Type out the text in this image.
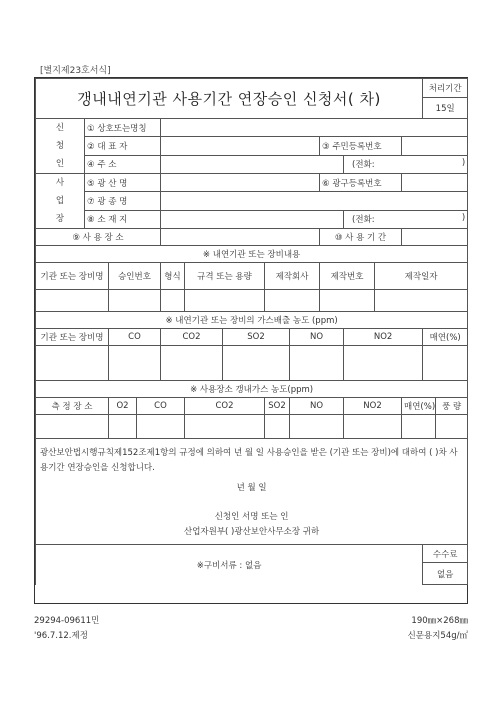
[별지제23호서식]
갱내내연기관 사용기간 연장승인 신청서( 차)													처리기간	
													15일	
신
청
인	① 상호또는명칭													
	② 대 표 자								③ 주민등록번호					
	④ 주 소									(전화: )				

사
업
장	⑤ 광 산 명								⑥ 광구등록번호					
	⑦ 광 종 명													
	⑧ 소 재 지									(전화: )				

⑨ 사 용 장 소									⑩ 사 용 기 간					
※ 내연기관 또는 장비내용														
기관 또는 장비명		승인번호		형식	규격 또는 용량		제작회사		제작번호		제작일자			

※ 내연기관 또는 장비의 가스배출 농도 (ppm)														
기관 또는 장비명		CO		CO2		SO2		NO		NO2			매연(%)	

※ 사용장소 갱내가스 농도(ppm)														
측 정 장 소		O2	CO		CO2		SO2	NO		NO2		매연(%)		풍 량

광산보안법시행규칙제152조제1항의 규정에 의하여 년 월 일 사용승인을 받은 (기관 또는 장비)에 대하여 ( )차 사용기간 연장승인을 신청합니다.
년 월 일
신청인 서명 또는 인
산업자원부( )광산보안사무소장 귀하														

※구비서류 : 없음													수수료	
													없음	
29294-09611민	190㎜×268㎜
'96.7.12.제정	신문용지54g/㎡
